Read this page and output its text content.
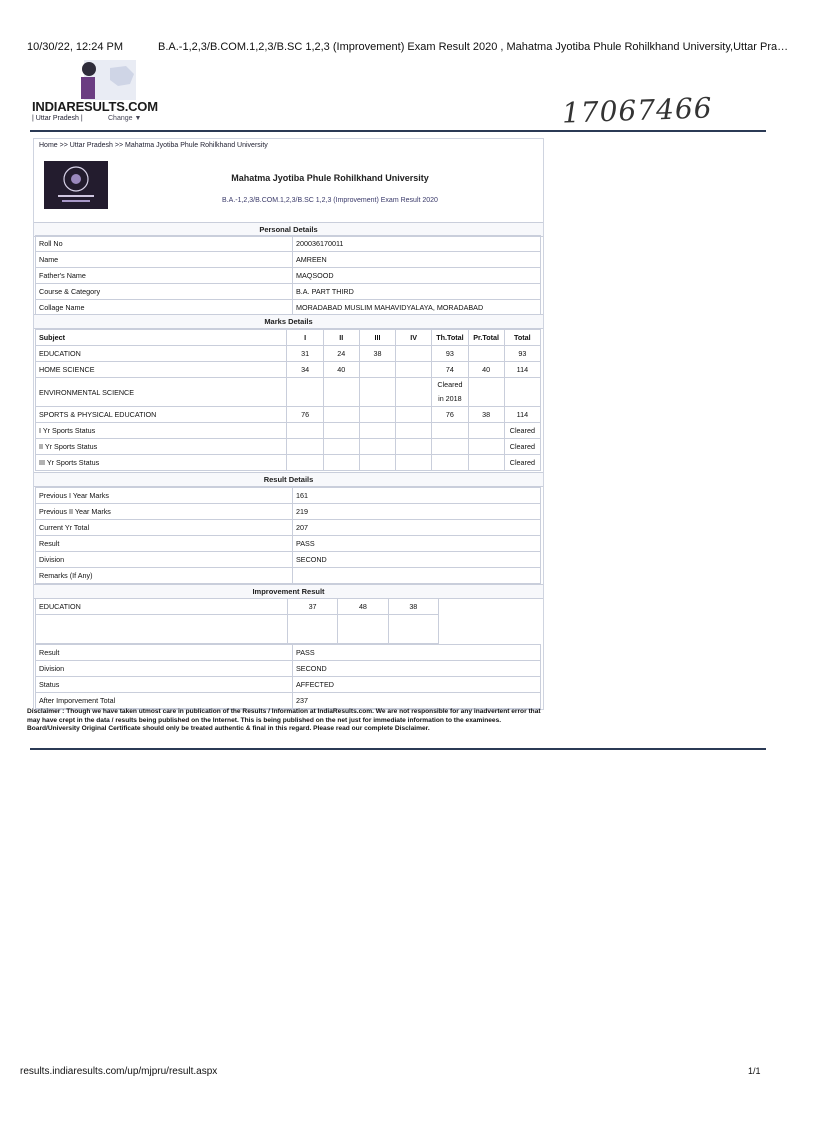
10/30/22, 12:24 PM	B.A.-1,2,3/B.COM.1,2,3/B.SC 1,2,3 (Improvement) Exam Result 2020 , Mahatma Jyotiba Phule Rohilkhand University,Uttar Pra…
INDIARESULTS.COM
| Uttar Pradesh |	Change ▼	17067466
Home >> Uttar Pradesh >> Mahatma Jyotiba Phule Rohilkhand University
Mahatma Jyotiba Phule Rohilkhand University
B.A.-1,2,3/B.COM.1,2,3/B.SC 1,2,3 (Improvement) Exam Result 2020
Personal Details
Roll No	200036170011
Name	AMREEN
Father's Name	MAQSOOD
Course & Category	B.A. PART THIRD
Collage Name	MORADABAD MUSLIM MAHAVIDYALAYA, MORADABAD
Marks Details
Subject	I	II	III	IV	Th.Total	Pr.Total	Total
EDUCATION	31	24	38		93		93
HOME SCIENCE	34	40			74	40	114
ENVIRONMENTAL SCIENCE					Cleared
in 2018		

SPORTS & PHYSICAL EDUCATION	76				76	38	114
I Yr Sports Status							Cleared
II Yr Sports Status							Cleared
III Yr Sports Status							Cleared
Result Details
Previous I Year Marks	161
Previous II Year Marks	219
Current Yr Total	207
Result	PASS
Division	SECOND
Remarks (If Any)	
Improvement Result
EDUCATION	37	48	38

Result	PASS
Division	SECOND
Status	AFFECTED
After Imporvement Total	237
Disclaimer : Though we have taken utmost care in publication of the Results / Information at IndiaResults.com. We are not responsible for any inadvertent error that may have crept in the data / results being published on the Internet. This is being published on the net just for immediate information to the examinees. Board/University Original Certificate should only be treated authentic & final in this regard. Please read our complete Disclaimer.
results.indiaresults.com/up/mjpru/result.aspx	1/1
